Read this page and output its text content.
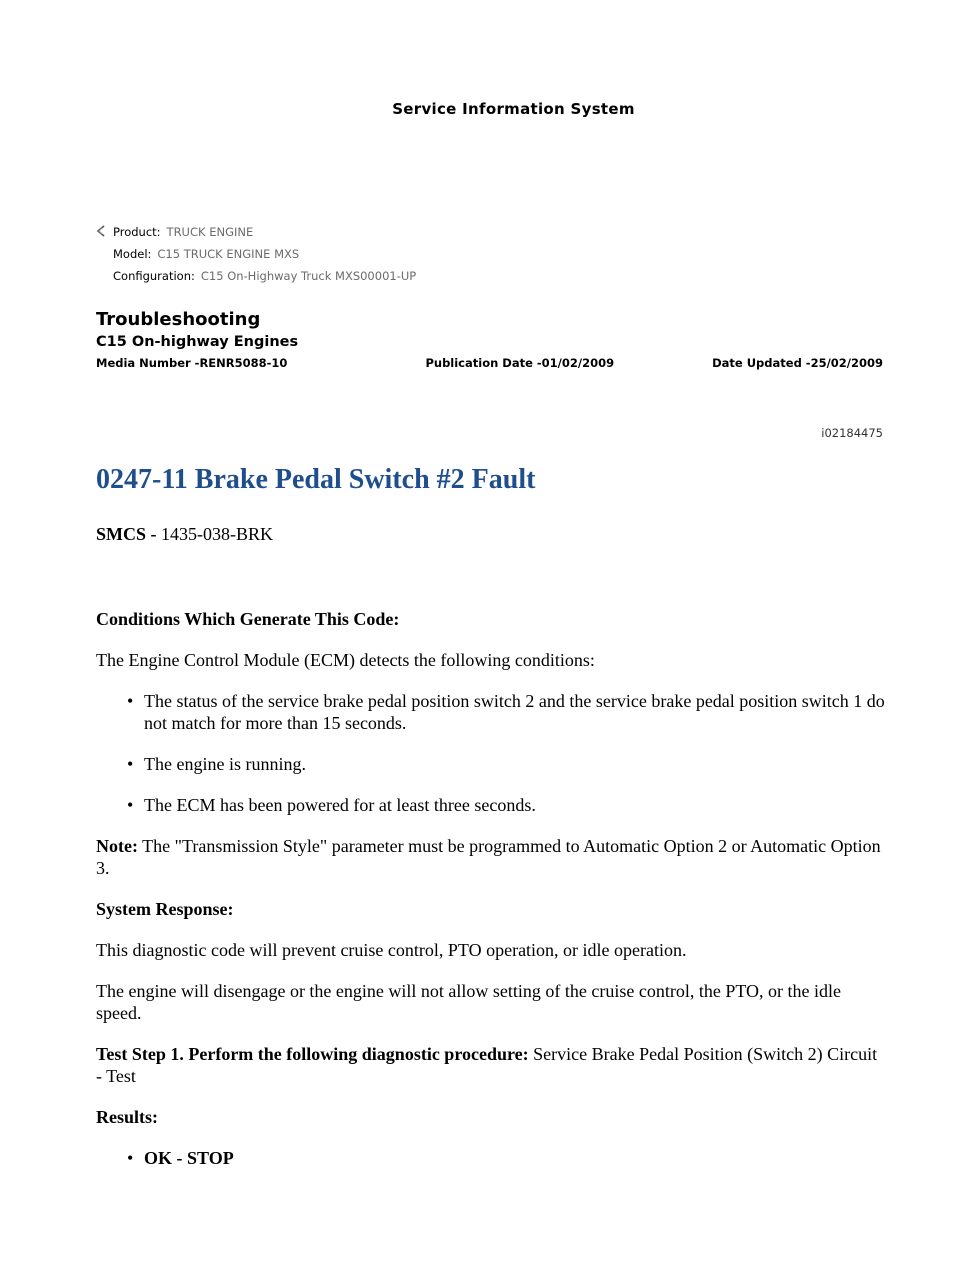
Service Information System
Product: TRUCK ENGINE
Model: C15 TRUCK ENGINE MXS
Configuration: C15 On-Highway Truck MXS00001-UP
Troubleshooting
C15 On-highway Engines
Media Number -RENR5088-10	Publication Date -01/02/2009	Date Updated -25/02/2009
i02184475
0247-11 Brake Pedal Switch #2 Fault

SMCS - 1435-038-BRK

Conditions Which Generate This Code:

The Engine Control Module (ECM) detects the following conditions:

• The status of the service brake pedal position switch 2 and the service brake pedal position switch 1 do not match for more than 15 seconds.
• The engine is running.
• The ECM has been powered for at least three seconds.

Note: The "Transmission Style" parameter must be programmed to Automatic Option 2 or Automatic Option 3.

System Response:

This diagnostic code will prevent cruise control, PTO operation, or idle operation.

The engine will disengage or the engine will not allow setting of the cruise control, the PTO, or the idle speed.

Test Step 1. Perform the following diagnostic procedure: Service Brake Pedal Position (Switch 2) Circuit - Test

Results:

• OK - STOP
